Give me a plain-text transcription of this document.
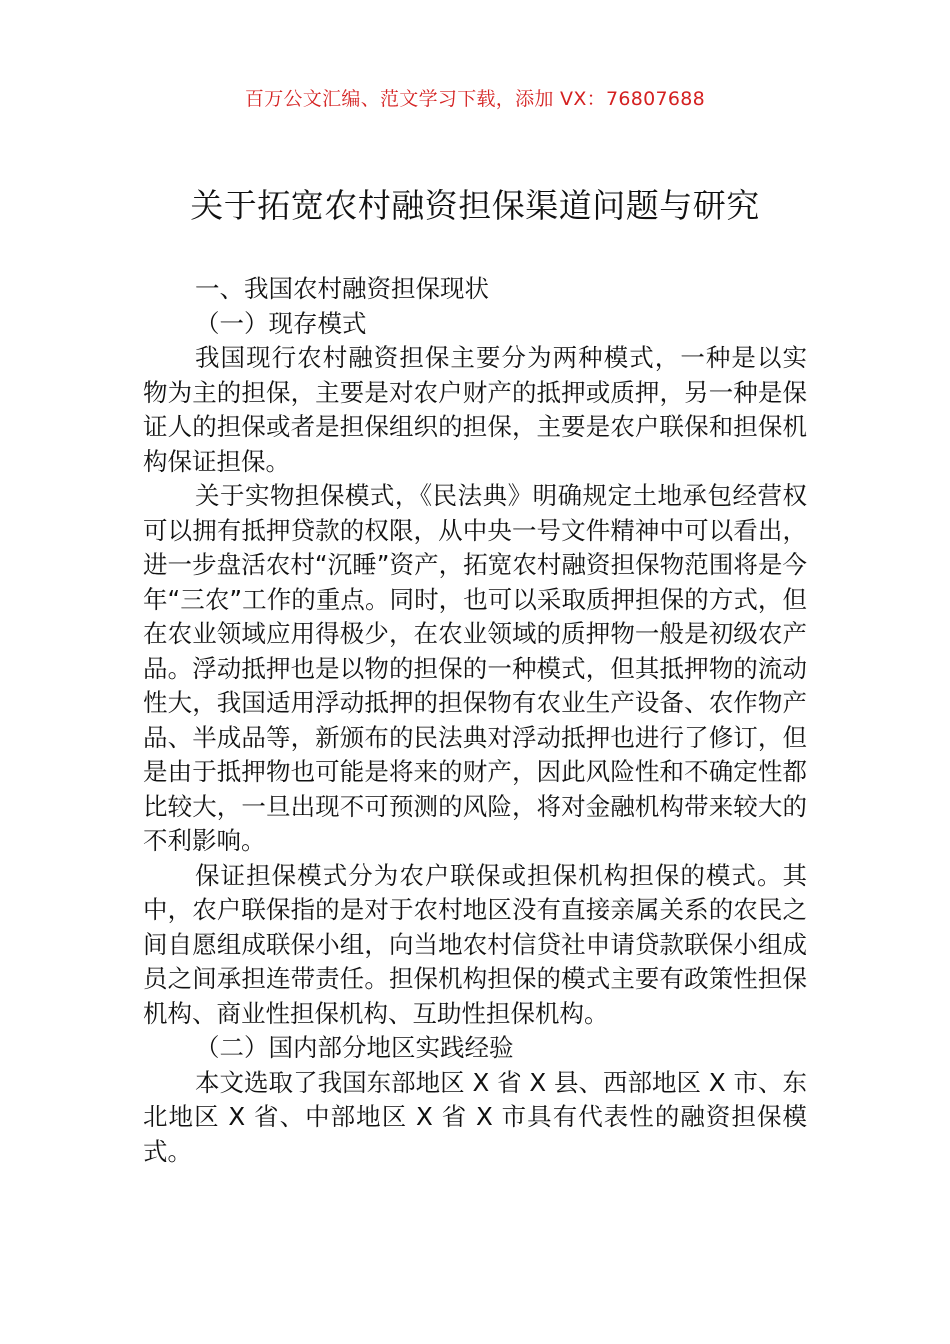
百万公文汇编、范文学习下载，添加 VX：76807688
关于拓宽农村融资担保渠道问题与研究
一、我国农村融资担保现状
（一）现存模式

我国现行农村融资担保主要分为两种模式，一种是以实物为主的担保，主要是对农户财产的抵押或质押，另一种是保证人的担保或者是担保组织的担保，主要是农户联保和担保机构保证担保。

关于实物担保模式，《民法典》明确规定土地承包经营权可以拥有抵押贷款的权限，从中央一号文件精神中可以看出，进一步盘活农村“沉睡”资产，拓宽农村融资担保物范围将是今年“三农”工作的重点。同时，也可以采取质押担保的方式，但在农业领域应用得极少，在农业领域的质押物一般是初级农产品。浮动抵押也是以物的担保的一种模式，但其抵押物的流动性大，我国适用浮动抵押的担保物有农业生产设备、农作物产品、半成品等，新颁布的民法典对浮动抵押也进行了修订，但是由于抵押物也可能是将来的财产，因此风险性和不确定性都比较大，一旦出现不可预测的风险，将对金融机构带来较大的不利影响。

保证担保模式分为农户联保或担保机构担保的模式。其中，农户联保指的是对于农村地区没有直接亲属关系的农民之间自愿组成联保小组，向当地农村信贷社申请贷款联保小组成员之间承担连带责任。担保机构担保的模式主要有政策性担保机构、商业性担保机构、互助性担保机构。

（二）国内部分地区实践经验

本文选取了我国东部地区 X 省 X 县、西部地区 X 市、东北地区 X 省、中部地区 X 省 X 市具有代表性的融资担保模式。
